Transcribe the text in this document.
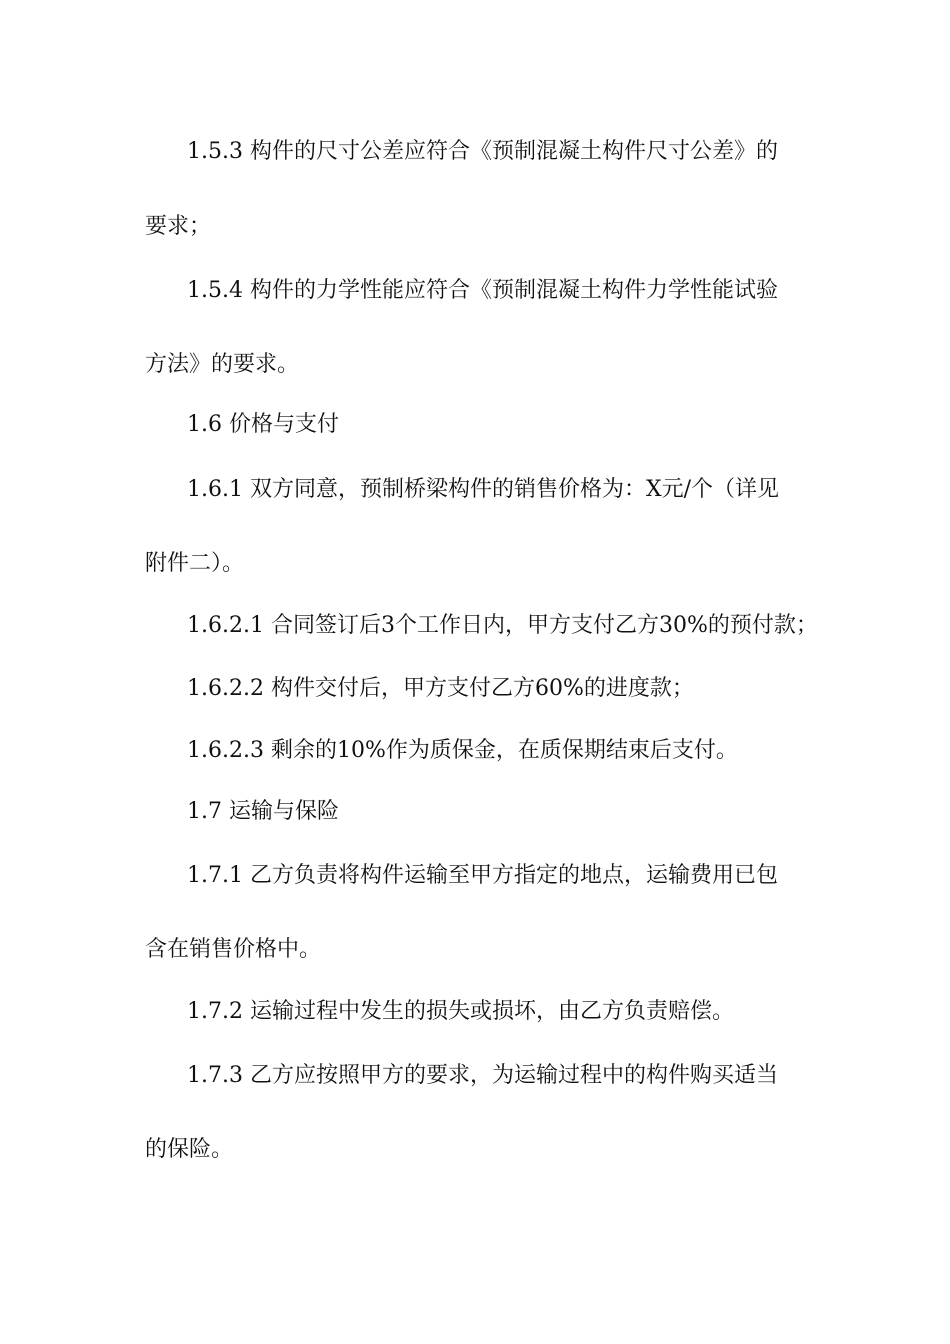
1.5.3 构件的尺寸公差应符合《预制混凝土构件尺寸公差》的
要求；
1.5.4 构件的力学性能应符合《预制混凝土构件力学性能试验
方法》的要求。
1.6 价格与支付
1.6.1 双方同意，预制桥梁构件的销售价格为：X元/个（详见
附件二）。
1.6.2.1 合同签订后3个工作日内，甲方支付乙方30%的预付款；
1.6.2.2 构件交付后，甲方支付乙方60%的进度款；
1.6.2.3 剩余的10%作为质保金，在质保期结束后支付。
1.7 运输与保险
1.7.1 乙方负责将构件运输至甲方指定的地点，运输费用已包
含在销售价格中。
1.7.2 运输过程中发生的损失或损坏，由乙方负责赔偿。
1.7.3 乙方应按照甲方的要求，为运输过程中的构件购买适当
的保险。
